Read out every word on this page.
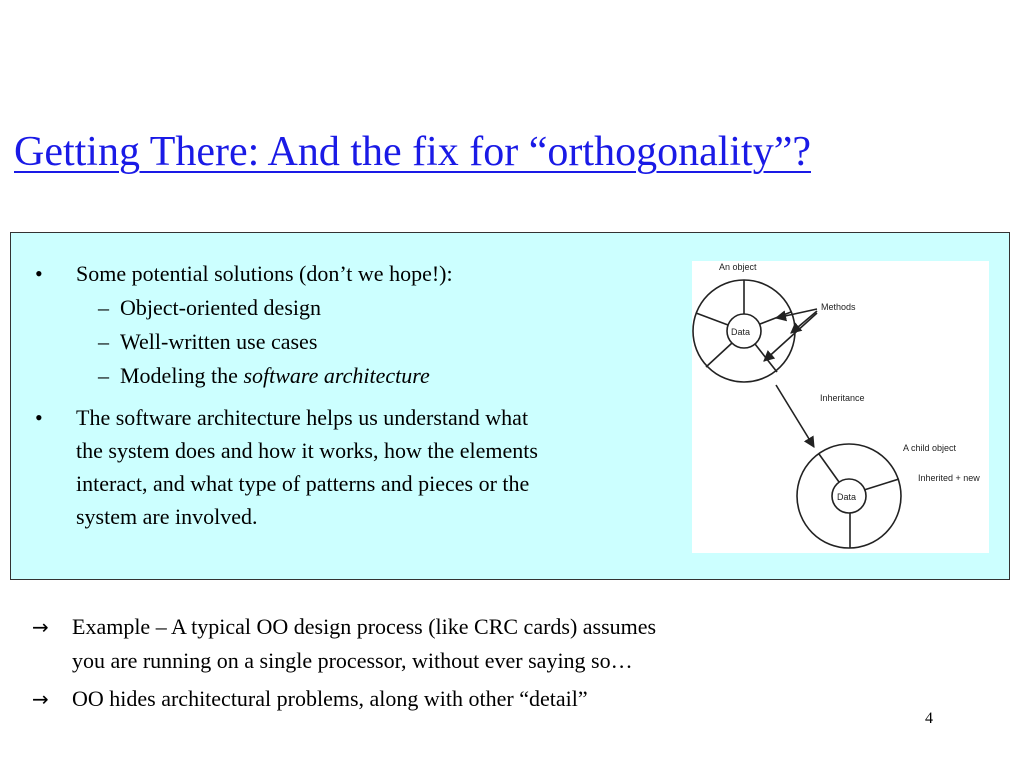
Getting There: And the fix for “orthogonality”?
• Some potential solutions (don’t we hope!):
– Object-oriented design
– Well-written use cases
– Modeling the software architecture
• The software architecture helps us understand what
the system does and how it works, how the elements
interact, and what type of patterns and pieces or the
system are involved.
Data
An object
Methods
Inheritance
A child object
Inherited + new
Data
→ Example – A typical OO design process (like CRC cards) assumes
you are running on a single processor, without ever saying so…
→ OO hides architectural problems, along with other “detail”
4
